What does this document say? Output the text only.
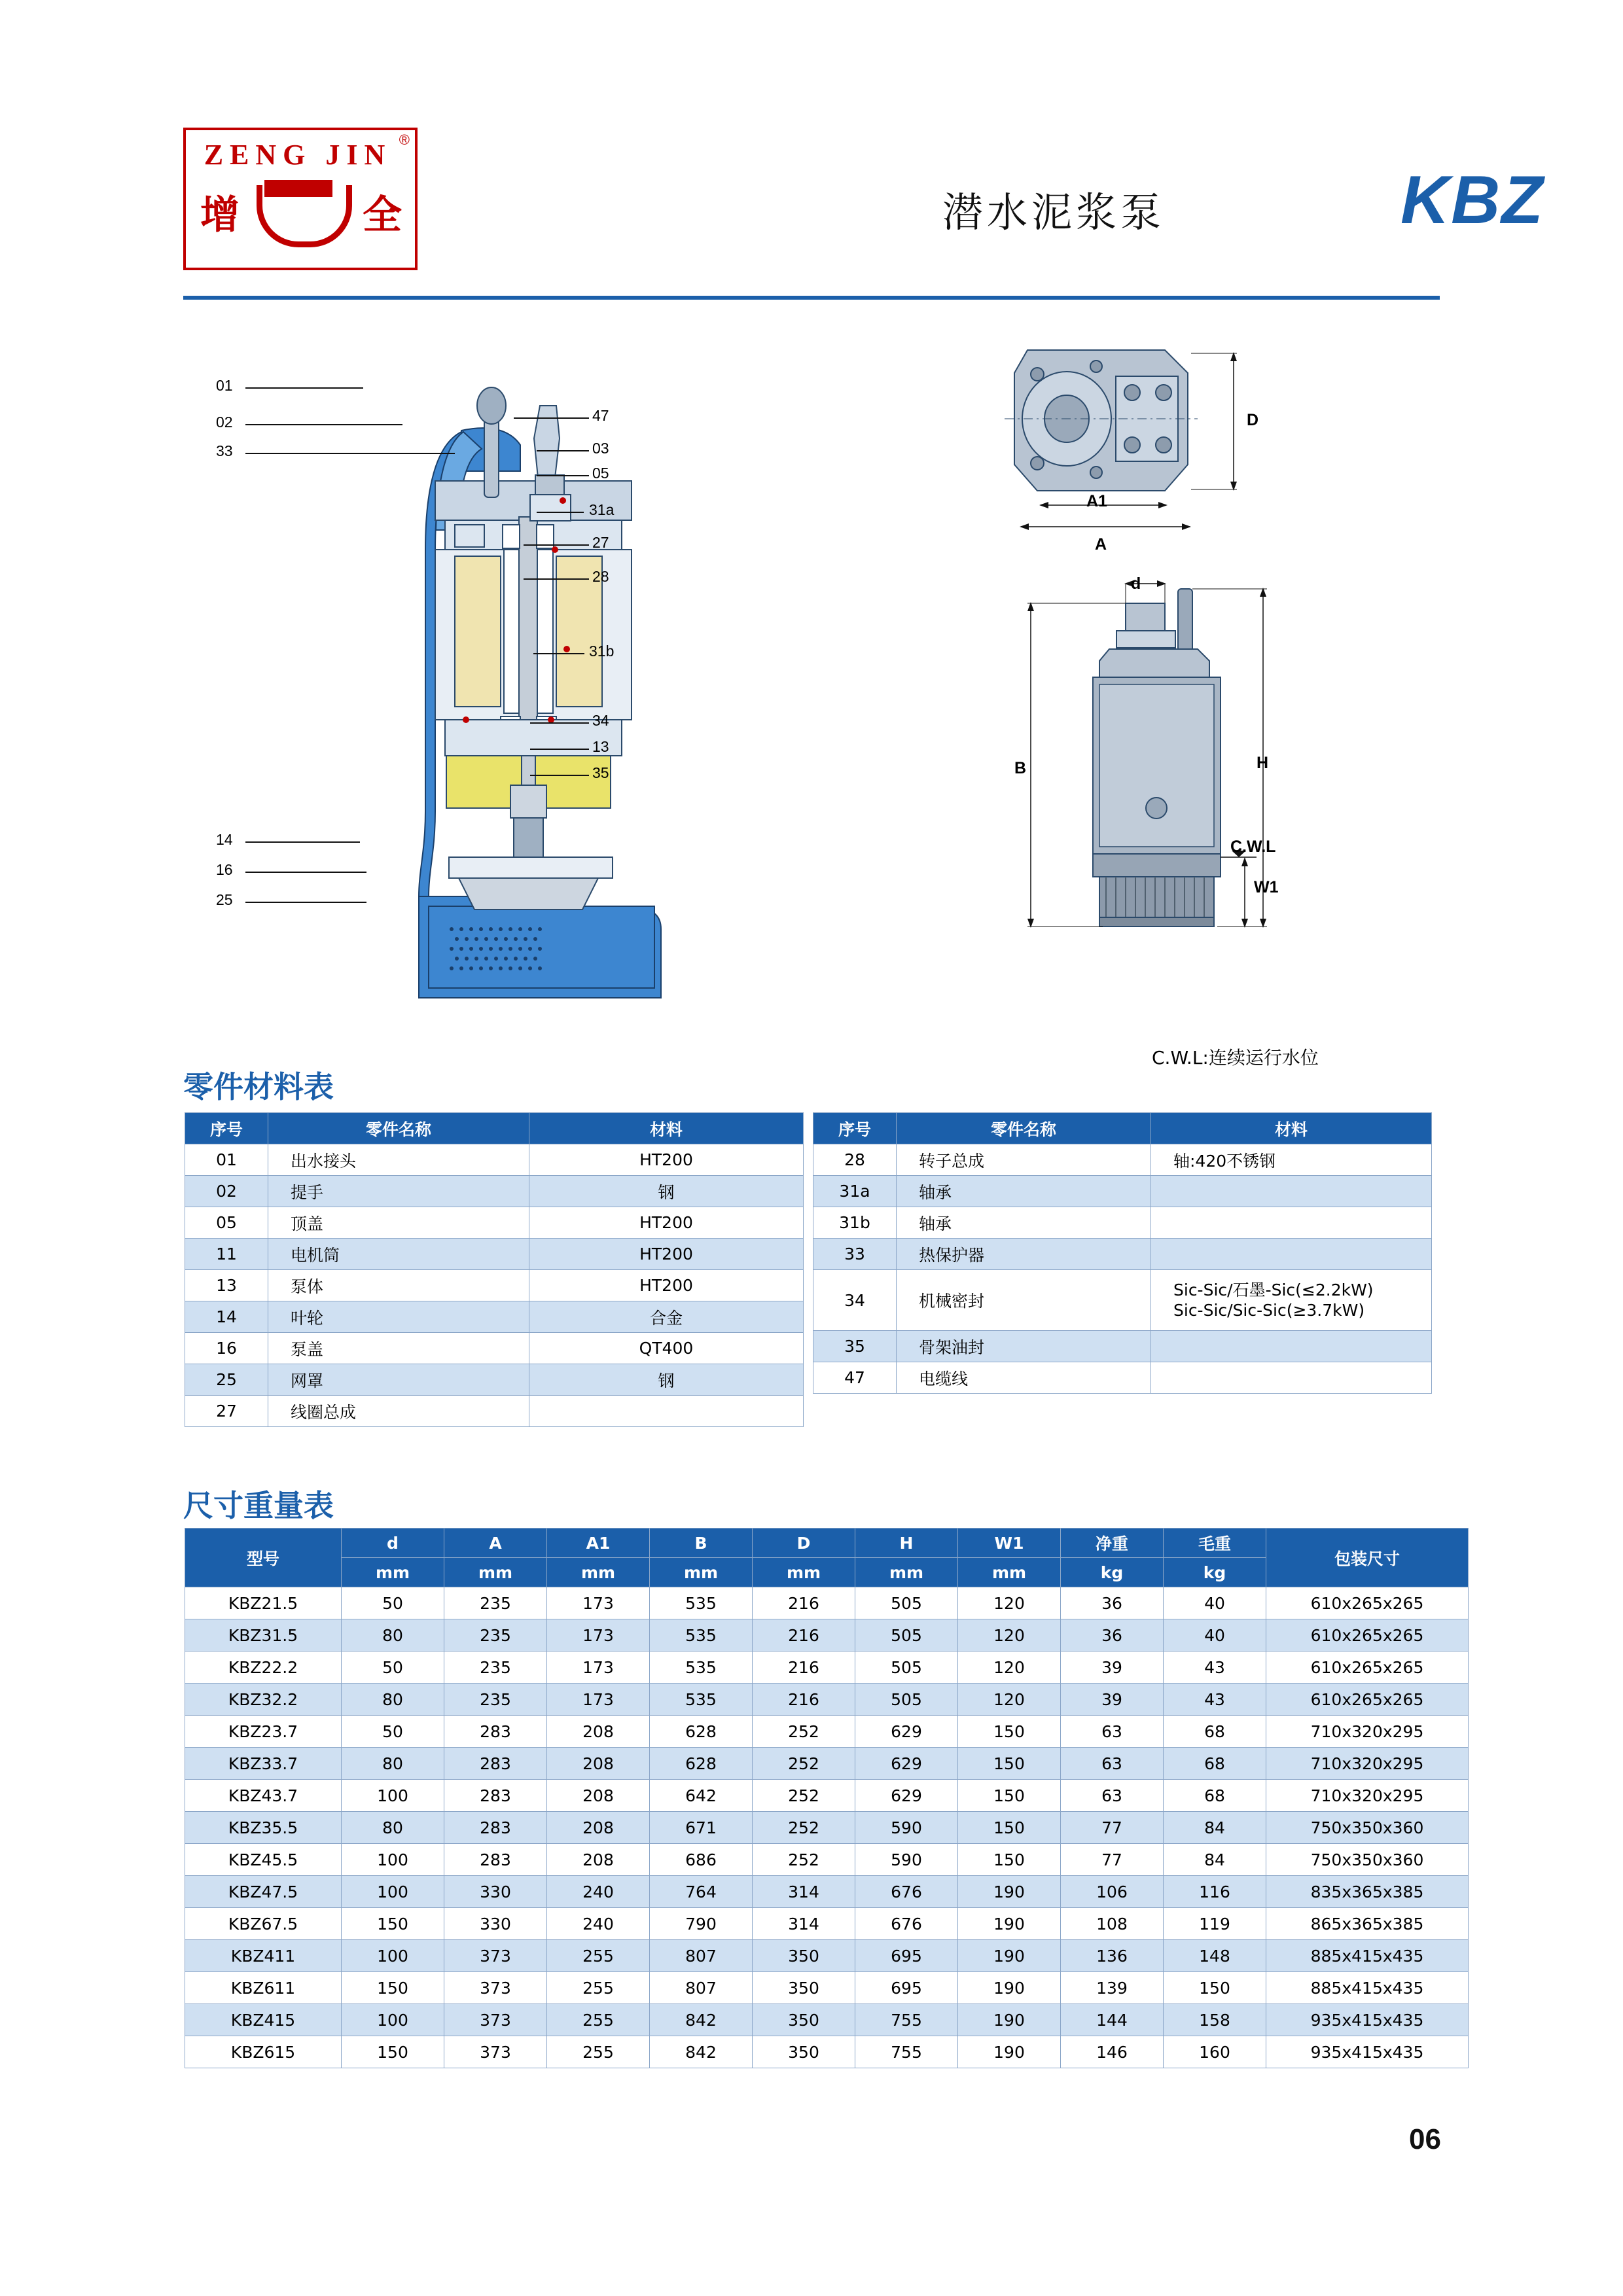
ZENG JIN ®
增	全	潜水泥浆泵	KBZ
01
02
33
14
16
25
47
03
05
31a
27
28
31b
34
13
35
D
A1
A
d
B	H
C.W.L
W1
C.W.L:连续运行水位
零件材料表
序号	零件名称	材料
01	出水接头	HT200
02	提手	钢
05	顶盖	HT200
11	电机筒	HT200
13	泵体	HT200
14	叶轮	合金
16	泵盖	QT400
25	网罩	钢
27	线圈总成	
序号	零件名称	材料
28	转子总成	轴:420不锈钢
31a	轴承	
31b	轴承	
33	热保护器	
34	机械密封	Sic-Sic/石墨-Sic(≤2.2kW)
Sic-Sic/Sic-Sic(≥3.7kW)

35	骨架油封	
47	电缆线	
尺寸重量表
型号	d	A	A1	B	D	H	W1	净重	毛重	包装尺寸
	mm	mm	mm	mm	mm	mm	mm	kg	kg	
KBZ21.5	50	235	173	535	216	505	120	36	40	610x265x265
KBZ31.5	80	235	173	535	216	505	120	36	40	610x265x265
KBZ22.2	50	235	173	535	216	505	120	39	43	610x265x265
KBZ32.2	80	235	173	535	216	505	120	39	43	610x265x265
KBZ23.7	50	283	208	628	252	629	150	63	68	710x320x295
KBZ33.7	80	283	208	628	252	629	150	63	68	710x320x295
KBZ43.7	100	283	208	642	252	629	150	63	68	710x320x295
KBZ35.5	80	283	208	671	252	590	150	77	84	750x350x360
KBZ45.5	100	283	208	686	252	590	150	77	84	750x350x360
KBZ47.5	100	330	240	764	314	676	190	106	116	835x365x385
KBZ67.5	150	330	240	790	314	676	190	108	119	865x365x385
KBZ411	100	373	255	807	350	695	190	136	148	885x415x435
KBZ611	150	373	255	807	350	695	190	139	150	885x415x435
KBZ415	100	373	255	842	350	755	190	144	158	935x415x435
KBZ615	150	373	255	842	350	755	190	146	160	935x415x435
06
